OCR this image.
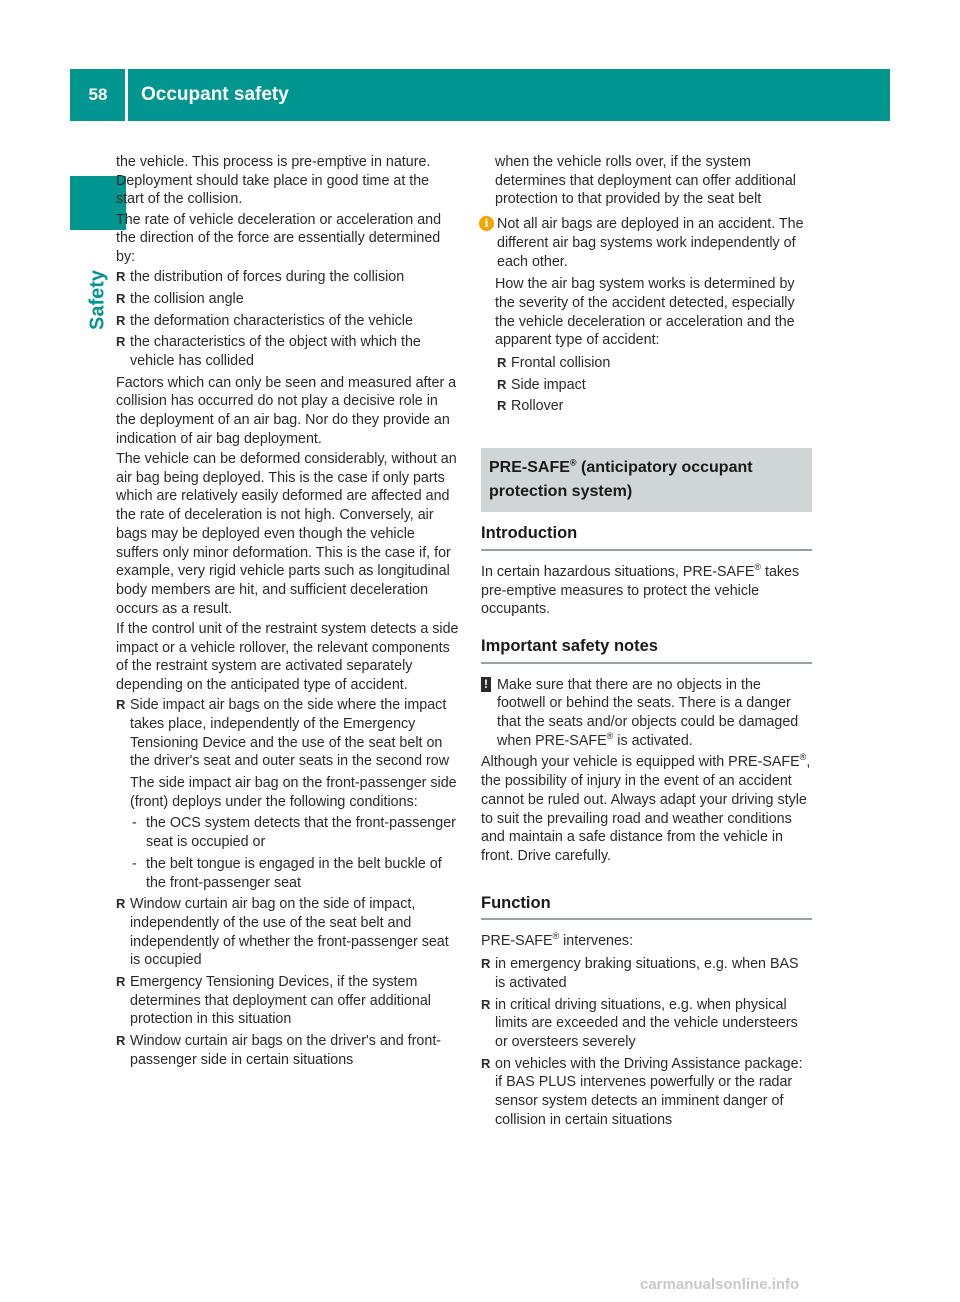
58	Occupant safety
Safety

the vehicle. This process is pre-emptive in nature. Deployment should take place in good time at the start of the collision.

The rate of vehicle deceleration or acceleration and the direction of the force are essentially determined by:

R the distribution of forces during the collision
R the collision angle
R the deformation characteristics of the vehicle
R the characteristics of the object with which the vehicle has collided

Factors which can only be seen and measured after a collision has occurred do not play a decisive role in the deployment of an air bag. Nor do they provide an indication of air bag deployment.

The vehicle can be deformed considerably, without an air bag being deployed. This is the case if only parts which are relatively easily deformed are affected and the rate of deceleration is not high. Conversely, air bags may be deployed even though the vehicle suffers only minor deformation. This is the case if, for example, very rigid vehicle parts such as longitudinal body members are hit, and sufficient deceleration occurs as a result.

If the control unit of the restraint system detects a side impact or a vehicle rollover, the relevant components of the restraint system are activated separately depending on the anticipated type of accident.

R Side impact air bags on the side where the impact takes place, independently of the Emergency Tensioning Device and the use of the seat belt on the driver's seat and outer seats in the second row
The side impact air bag on the front-passenger side (front) deploys under the following conditions:
- the OCS system detects that the front-passenger seat is occupied or
- the belt tongue is engaged in the belt buckle of the front-passenger seat
R Window curtain air bag on the side of impact, independently of the use of the seat belt and independently of whether the front-passenger seat is occupied
R Emergency Tensioning Devices, if the system determines that deployment can offer additional protection in this situation
R Window curtain air bags on the driver's and front-passenger side in certain situations
when the vehicle rolls over, if the system determines that deployment can offer additional protection to that provided by the seat belt
i Not all air bags are deployed in an accident. The different air bag systems work independently of each other.
How the air bag system works is determined by the severity of the accident detected, especially the vehicle deceleration or acceleration and the apparent type of accident:
R Frontal collision
R Side impact
R Rollover
PRE-SAFE® (anticipatory occupant protection system)
Introduction

In certain hazardous situations, PRE-SAFE® takes pre-emptive measures to protect the vehicle occupants.

Important safety notes
! Make sure that there are no objects in the footwell or behind the seats. There is a danger that the seats and/or objects could be damaged when PRE-SAFE® is activated.

Although your vehicle is equipped with PRE-SAFE®, the possibility of injury in the event of an accident cannot be ruled out. Always adapt your driving style to suit the prevailing road and weather conditions and maintain a safe distance from the vehicle in front. Drive carefully.

Function

PRE-SAFE® intervenes:

R in emergency braking situations, e.g. when BAS is activated
R in critical driving situations, e.g. when physical limits are exceeded and the vehicle understeers or oversteers severely
R on vehicles with the Driving Assistance package: if BAS PLUS intervenes powerfully or the radar sensor system detects an imminent danger of collision in certain situations
carmanualsonline.info
